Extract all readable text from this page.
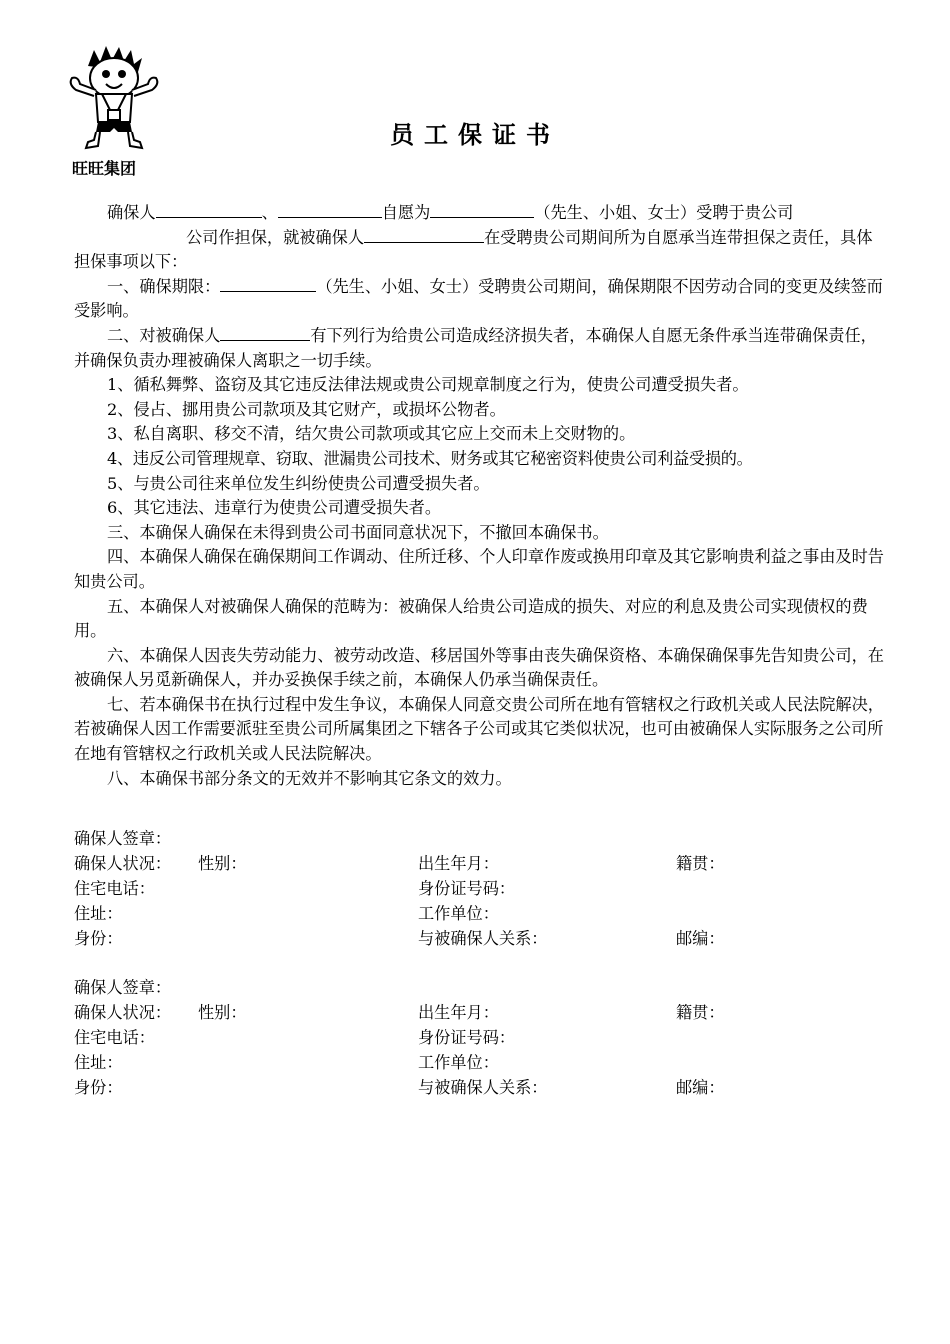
旺旺集团
员工保证书

确保人	、	自愿为	（先生、小姐、女士）受聘于贵公司
公司作担保，就被确保人	在受聘贵公司期间所为自愿承当连带担保之责任，具体担保事项以下：

一、确保期限：	（先生、小姐、女士）受聘贵公司期间，确保期限不因劳动合同的变更及续签而受影响。

二、对被确保人	有下列行为给贵公司造成经济损失者，本确保人自愿无条件承当连带确保责任，并确保负责办理被确保人离职之一切手续。

1、循私舞弊、盗窃及其它违反法律法规或贵公司规章制度之行为，使贵公司遭受损失者。

2、侵占、挪用贵公司款项及其它财产，或损坏公物者。

3、私自离职、移交不清，结欠贵公司款项或其它应上交而未上交财物的。

4、违反公司管理规章、窃取、泄漏贵公司技术、财务或其它秘密资料使贵公司利益受损的。

5、与贵公司往来单位发生纠纷使贵公司遭受损失者。

6、其它违法、违章行为使贵公司遭受损失者。

三、本确保人确保在未得到贵公司书面同意状况下，不撤回本确保书。

四、本确保人确保在确保期间工作调动、住所迁移、个人印章作废或换用印章及其它影响贵利益之事由及时告知贵公司。

五、本确保人对被确保人确保的范畴为：被确保人给贵公司造成的损失、对应的利息及贵公司实现债权的费用。

六、本确保人因丧失劳动能力、被劳动改造、移居国外等事由丧失确保资格、本确保确保事先告知贵公司，在被确保人另觅新确保人，并办妥换保手续之前，本确保人仍承当确保责任。

七、若本确保书在执行过程中发生争议，本确保人同意交贵公司所在地有管辖权之行政机关或人民法院解决，若被确保人因工作需要派驻至贵公司所属集团之下辖各子公司或其它类似状况，也可由被确保人实际服务之公司所在地有管辖权之行政机关或人民法院解决。

八、本确保书部分条文的无效并不影响其它条文的效力。

确保人签章：
确保人状况： 性别：	出生年月：	籍贯：
住宅电话：	身份证号码：
住址：	工作单位：
身份：	与被确保人关系：	邮编：
确保人签章：
确保人状况： 性别：	出生年月：	籍贯：
住宅电话：	身份证号码：
住址：	工作单位：
身份：	与被确保人关系：	邮编：
